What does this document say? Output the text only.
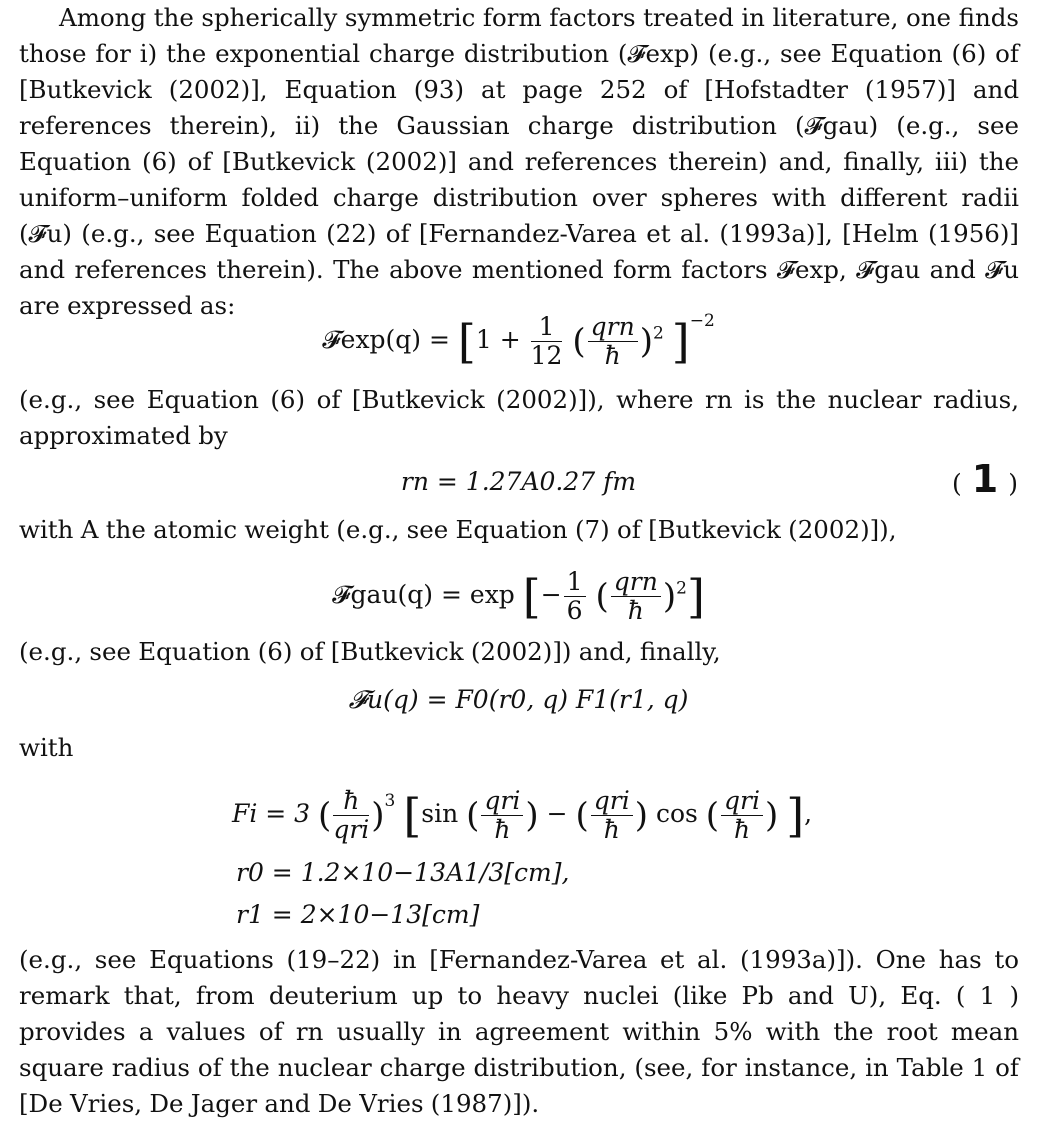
Among the spherically symmetric form factors treated in literature, one finds those for i) the exponential charge distribution (𝓕exp) (e.g., see Equation (6) of [Butkevick (2002)], Equation (93) at page 252 of [Hofstadter (1957)] and references therein), ii) the Gaussian charge distribution (𝓕gau) (e.g., see Equation (6) of [Butkevick (2002)] and references therein) and, finally, iii) the uniform–uniform folded charge distribution over spheres with different radii (𝓕u) (e.g., see Equation (22) of [Fernandez-Varea et al. (1993a)], [Helm (1956)] and references therein). The above mentioned form factors 𝓕exp, 𝓕gau and 𝓕u are expressed as:

𝓕exp(q) = [$1 + \frac{1}{12}$ ( $\frac{\text{qrn}}{ħ} )^2$ ]$^{-2}$

(e.g., see Equation (6) of [Butkevick (2002)]), where rn is the nuclear radius, approximated by

rn = 1.27A0.27 fm	( 1 )

with A the atomic weight (e.g., see Equation (7) of [Butkevick (2002)]),

𝓕gau(q) = exp [− $\frac{1}{6}$ ( $\frac{\text{qrn}}{ħ} )^2$]

(e.g., see Equation (6) of [Butkevick (2002)]) and, finally,

𝓕u(q) = F0(r0, q) F1(r1, q)

with

Fi = 3 ( $\frac{ħ}{\text{qri}} )^3$ [sin ( $\frac{\text{qri}}{ħ}$ ) − ( $\frac{\text{qri}}{ħ}$ ) cos ( $\frac{\text{qri}}{ħ}$ ) ],
r0 = 1.2×10−13A1/3[cm],
r1 = 2×10−13[cm]

(e.g., see Equations (19–22) in [Fernandez-Varea et al. (1993a)]). One has to remark that, from deuterium up to heavy nuclei (like Pb and U), Eq. ( 1 ) provides a values of rn usually in agreement within 5% with the root mean square radius of the nuclear charge distribution, (see, for instance, in Table 1 of [De Vries, De Jager and De Vries (1987)]).
